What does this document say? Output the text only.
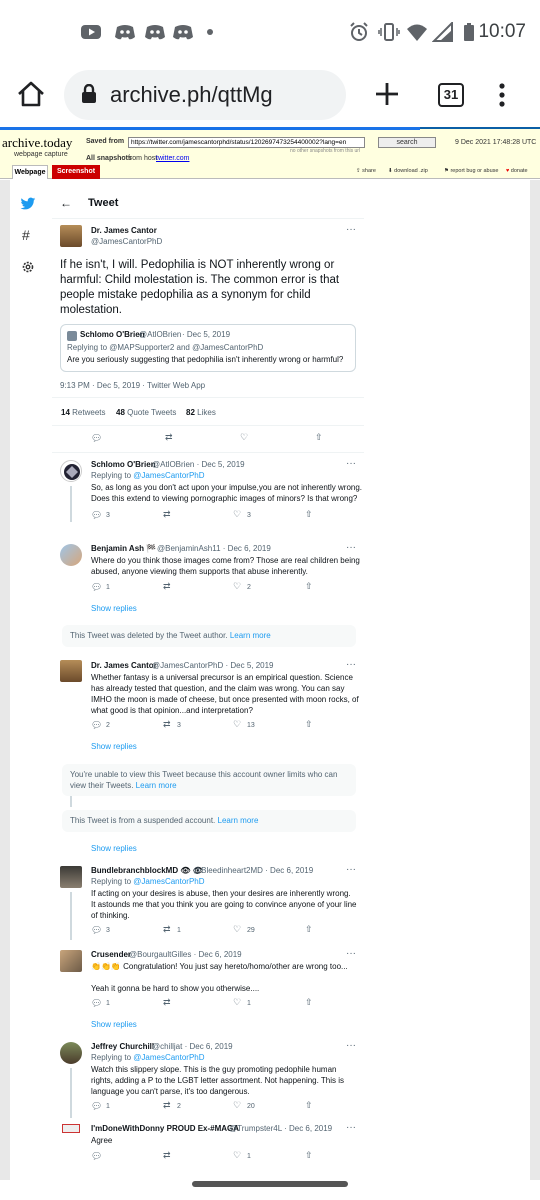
10:07
archive.ph/qttMg	31
archive.today
webpage capture
Saved from
https://twitter.com/jamescantorphd/status/1202697473254400002?lang=en	search
no other snapshots from this url
9 Dec 2021 17:48:28 UTC
All snapshots
from host
twitter.com
Webpage	Screenshot	⇪ share ⬇ download .zip	⚑ report bug or abuse ♥ donate
#
← Tweet
Dr. James Cantor
@JamesCantorPhD
···
If he isn't, I will. Pedophilia is NOT inherently wrong or harmful: Child molestation is. The common error is that people mistake pedophilia as a synonym for child molestation.
Schlomo O'Brien
@AtlOBrien · Dec 5, 2019
Replying to @MAPSupporter2 and @JamesCantorPhD
Are you seriously suggesting that pedophilia isn't inherently wrong or harmful?
9:13 PM · Dec 5, 2019 · Twitter Web App
14 Retweets 48 Quote Tweets 82 Likes
💬︎	⇄	♡	⇧
Schlomo O'Brien
@AtlOBrien · Dec 5, 2019	···
Replying to @JamesCantorPhD
So, as long as you don't act upon your impulse,you are not inherently wrong.
Does this extend to viewing pornographic images of minors? Is that wrong?
💬︎ 3	⇄	♡ 3	⇧
Benjamin Ash 🏁 @BenjaminAsh11 · Dec 6, 2019	···
Where do you think those images come from? Those are real children being
abused, anyone viewing them supports that abuse inherently.
💬︎ 1	⇄	♡ 2	⇧
Show replies
This Tweet was deleted by the Tweet author. Learn more
Dr. James Cantor
@JamesCantorPhD · Dec 5, 2019	···
Whether fantasy is a universal precursor is an empirical question. Science
has already tested that question, and the claim was wrong. You can say
IMHO the moon is made of cheese, but once presented with moon rocks, of
what good is that opinion...and interpretation?
💬︎ 2	⇄ 3	♡ 13	⇧
Show replies
You're unable to view this Tweet because this account owner limits who can view their Tweets. Learn more
This Tweet is from a suspended account. Learn more
Show replies
BundlebranchblockMD 👁 👁
@Bleedinheart2MD · Dec 6, 2019	···
Replying to @JamesCantorPhD
If acting on your desires is abuse, then your desires are inherently wrong.
It astounds me that you think you are going to convince anyone of your line
of thinking.
💬︎ 3	⇄ 1	♡ 29	⇧
Crusender
@BourgaultGilles · Dec 6, 2019	···
👏👏👏 Congratulation! You just say hereto/homo/other are wrong too...
Yeah it gonna be hard to show you otherwise....
💬︎ 1	⇄	♡ 1	⇧
Show replies
Jeffrey Churchill
@chilljat · Dec 6, 2019	···
Replying to @JamesCantorPhD
Watch this slippery slope. This is the guy promoting pedophile human
rights, adding a P to the LGBT letter assortment. Not happening. This is
language you can't parse, it's too dangerous.
💬︎ 1	⇄ 2	♡ 20	⇧
I'mDoneWithDonny PROUD Ex-#MAGA
@Trumpster4L · Dec 6, 2019 ···
Agree
💬︎	⇄	♡ 1	⇧
